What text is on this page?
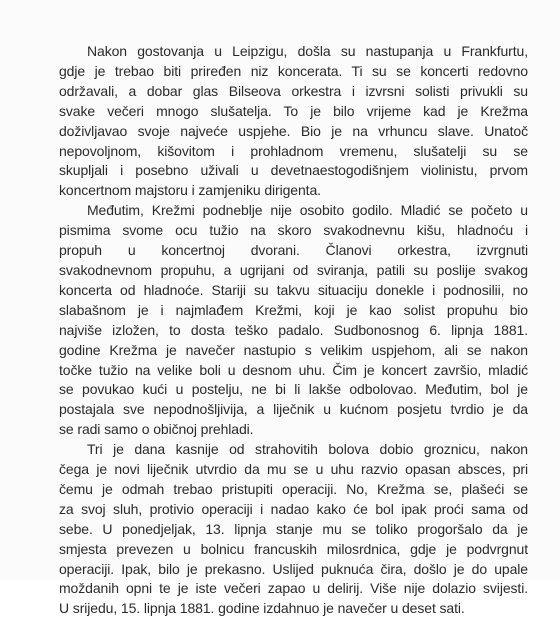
Nakon gostovanja u Leipzigu, došla su nastupanja u Frankfurtu,
gdje je trebao biti priređen niz koncerata. Ti su se koncerti redovno
održavali, a dobar glas Bilseova orkestra i izvrsni solisti privukli su
svake večeri mnogo slušatelja. To je bilo vrijeme kad je Krežma
doživljavao svoje najveće uspjehe. Bio je na vrhuncu slave. Unatoč
nepovoljnom, kišovitom i prohladnom vremenu, slušatelji su se
skupljali i posebno uživali u devetnaestogodišnjem violinistu, prvom
koncertnom majstoru i zamjeniku dirigenta.
Međutim, Krežmi podneblje nije osobito godilo. Mladić se početo u
pismima svome ocu tužio na skoro svakodnevnu kišu, hladnoću i
propuh u koncertnoj dvorani. Članovi orkestra, izvrgnuti
svakodnevnom propuhu, a ugrijani od sviranja, patili su poslije svakog
koncerta od hladnoće. Stariji su takvu situaciju donekle i podnosilii, no
slabašnom je i najmlađem Krežmi, koji je kao solist propuhu bio
najviše izložen, to dosta teško padalo. Sudbonosnog 6. lipnja 1881.
godine Krežma je navečer nastupio s velikim uspjehom, ali se nakon
točke tužio na velike boli u desnom uhu. Čim je koncert završio, mladić
se povukao kući u postelju, ne bi li lakše odbolovao. Međutim, bol je
postajala sve nepodnošljivija, a liječnik u kućnom posjetu tvrdio je da
se radi samo o običnoj prehladi.
Tri je dana kasnije od strahovitih bolova dobio groznicu, nakon
čega je novi liječnik utvrdio da mu se u uhu razvio opasan absces, pri
čemu je odmah trebao pristupiti operaciji. No, Krežma se, plašeći se
za svoj sluh, protivio operaciji i nadao kako će bol ipak proći sama od
sebe. U ponedjeljak, 13. lipnja stanje mu se toliko progoršalo da je
smjesta prevezen u bolnicu francuskih milosrdnica, gdje je podvrgnut
operaciji. Ipak, bilo je prekasno. Uslijed puknuća čira, došlo je do upale
moždanih opni te je iste večeri zapao u delirij. Više nije dolazio svijesti.
U srijedu, 15. lipnja 1881. godine izdahnuo je navečer u deset sati.
